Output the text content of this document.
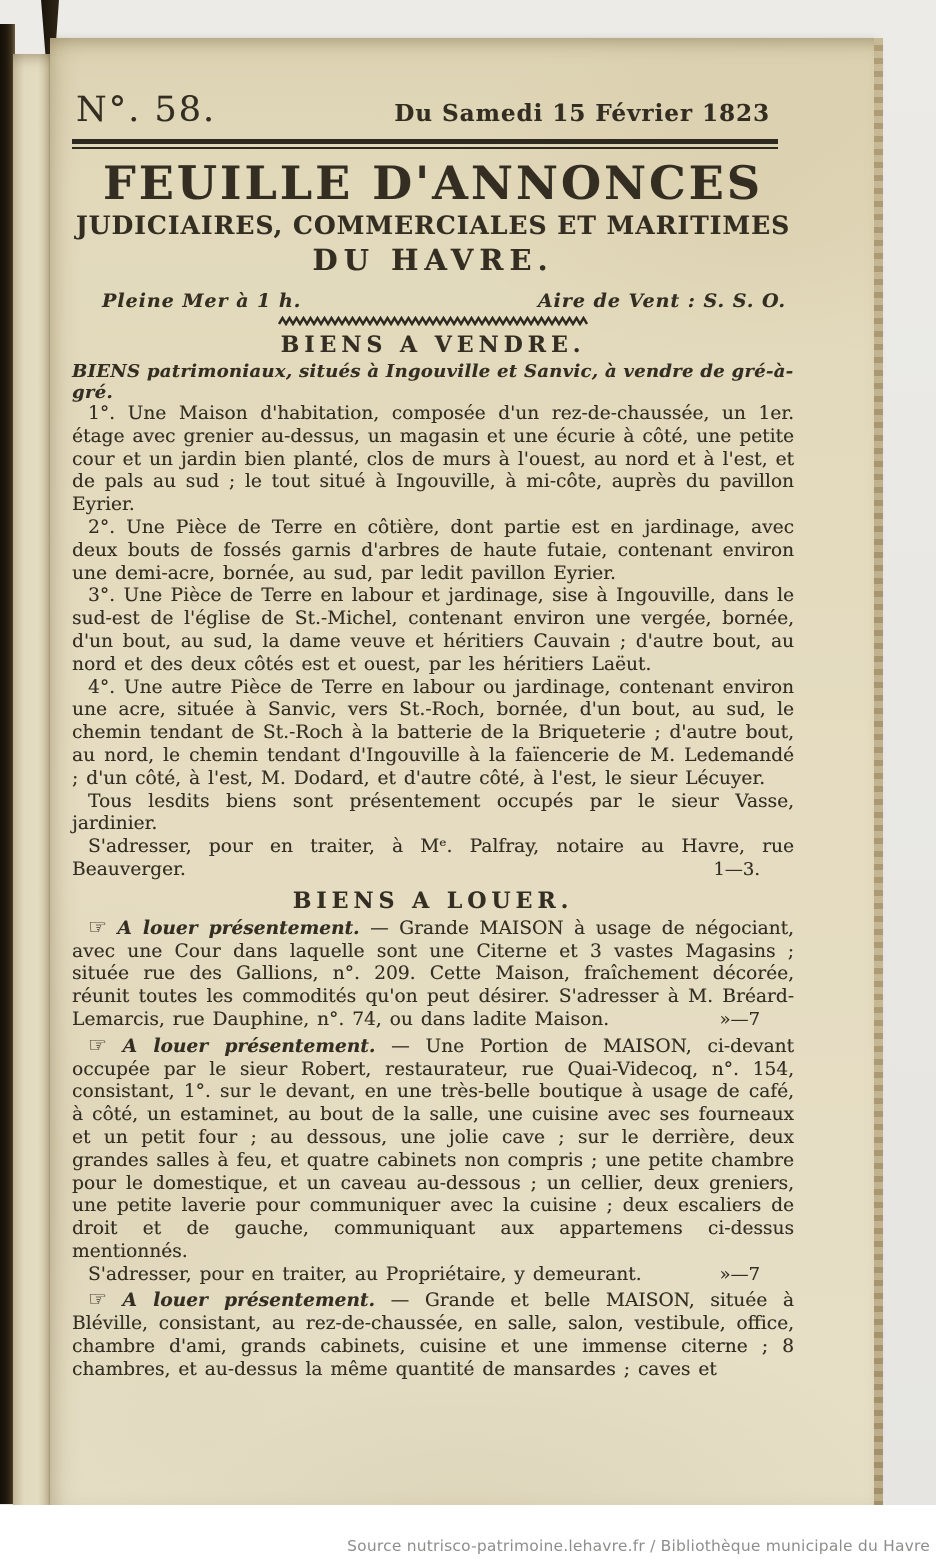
N°. 58.	Du Samedi 15 Février 1823
FEUILLE D'ANNONCES
JUDICIAIRES, COMMERCIALES ET MARITIMES
DU HAVRE.
Pleine Mer à 1 h.	Aire de Vent : S. S. O.
BIENS A VENDRE.
BIENS patrimoniaux, situés à Ingouville et Sanvic, à vendre de gré-à-gré.

1°. Une Maison d'habitation, composée d'un rez-de-chaussée, un 1er. étage avec grenier au-dessus, un magasin et une écurie à côté, une petite cour et un jardin bien planté, clos de murs à l'ouest, au nord et à l'est, et de pals au sud ; le tout situé à Ingouville, à mi-côte, auprès du pavillon Eyrier.

2°. Une Pièce de Terre en côtière, dont partie est en jardinage, avec deux bouts de fossés garnis d'arbres de haute futaie, contenant environ une demi-acre, bornée, au sud, par ledit pavillon Eyrier.

3°. Une Pièce de Terre en labour et jardinage, sise à Ingouville, dans le sud-est de l'église de St.-Michel, contenant environ une vergée, bornée, d'un bout, au sud, la dame veuve et héritiers Cauvain ; d'autre bout, au nord et des deux côtés est et ouest, par les héritiers Laëut.

4°. Une autre Pièce de Terre en labour ou jardinage, contenant environ une acre, située à Sanvic, vers St.-Roch, bornée, d'un bout, au sud, le chemin tendant de St.-Roch à la batterie de la Briqueterie ; d'autre bout, au nord, le chemin tendant d'Ingouville à la faïencerie de M. Ledemandé ; d'un côté, à l'est, M. Dodard, et d'autre côté, à l'est, le sieur Lécuyer.

Tous lesdits biens sont présentement occupés par le sieur Vasse, jardinier.

S'adresser, pour en traiter, à Mᵉ. Palfray, notaire au Havre, rue Beauverger.	1—3.

BIENS A LOUER.

☞ A louer présentement. — Grande MAISON à usage de négociant, avec une Cour dans laquelle sont une Citerne et 3 vastes Magasins ; située rue des Gallions, n°. 209. Cette Maison, fraîchement décorée, réunit toutes les commodités qu'on peut désirer. S'adresser à M. Bréard-Lemarcis, rue Dauphine, n°. 74, ou dans ladite Maison.	»—7

☞ A louer présentement. — Une Portion de MAISON, ci-devant occupée par le sieur Robert, restaurateur, rue Quai-Videcoq, n°. 154, consistant, 1°. sur le devant, en une très-belle boutique à usage de café, à côté, un estaminet, au bout de la salle, une cuisine avec ses fourneaux et un petit four ; au dessous, une jolie cave ; sur le derrière, deux grandes salles à feu, et quatre cabinets non compris ; une petite chambre pour le domestique, et un caveau au-dessous ; un cellier, deux greniers, une petite laverie pour communiquer avec la cuisine ; deux escaliers de droit et de gauche, communiquant aux appartemens ci-dessus mentionnés.

S'adresser, pour en traiter, au Propriétaire, y demeurant.	»—7

☞ A louer présentement. — Grande et belle MAISON, située à Bléville, consistant, au rez-de-chaussée, en salle, salon, vestibule, office, chambre d'ami, grands cabinets, cuisine et une immense citerne ; 8 chambres, et au-dessus la même quantité de mansardes ; caves et

Source nutrisco-patrimoine.lehavre.fr / Bibliothèque municipale du Havre
